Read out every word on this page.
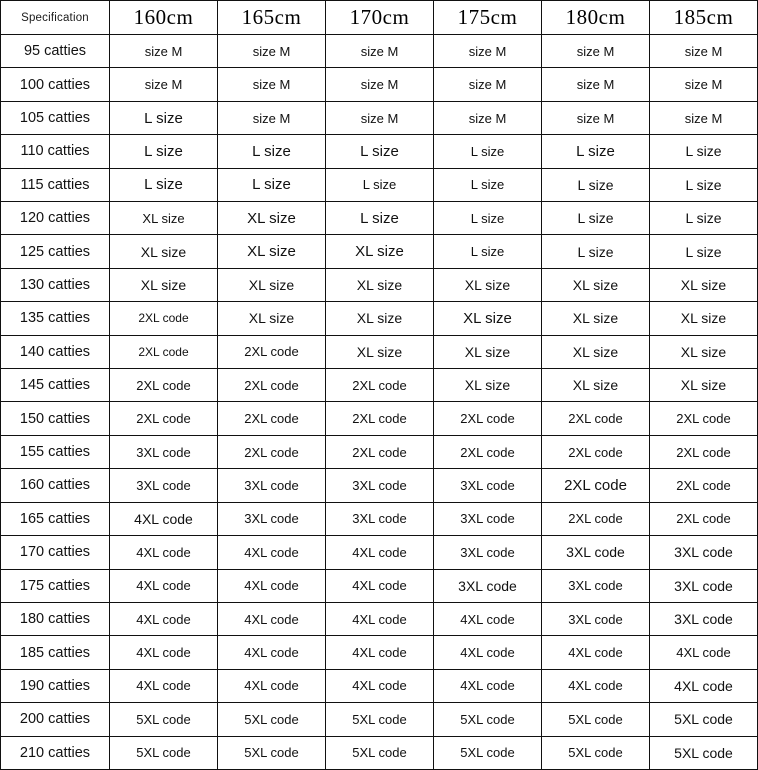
Specification	160cm	165cm	170cm	175cm	180cm	185cm
95 catties	size M	size M	size M	size M	size M	size M
100 catties	size M	size M	size M	size M	size M	size M
105 catties	L size	size M	size M	size M	size M	size M
110 catties	L size	L size	L size	L size	L size	L size
115 catties	L size	L size	L size	L size	L size	L size
120 catties	XL size	XL size	L size	L size	L size	L size
125 catties	XL size	XL size	XL size	L size	L size	L size
130 catties	XL size	XL size	XL size	XL size	XL size	XL size
135 catties	2XL code	XL size	XL size	XL size	XL size	XL size
140 catties	2XL code	2XL code	XL size	XL size	XL size	XL size
145 catties	2XL code	2XL code	2XL code	XL size	XL size	XL size
150 catties	2XL code	2XL code	2XL code	2XL code	2XL code	2XL code
155 catties	3XL code	2XL code	2XL code	2XL code	2XL code	2XL code
160 catties	3XL code	3XL code	3XL code	3XL code	2XL code	2XL code
165 catties	4XL code	3XL code	3XL code	3XL code	2XL code	2XL code
170 catties	4XL code	4XL code	4XL code	3XL code	3XL code	3XL code
175 catties	4XL code	4XL code	4XL code	3XL code	3XL code	3XL code
180 catties	4XL code	4XL code	4XL code	4XL code	3XL code	3XL code
185 catties	4XL code	4XL code	4XL code	4XL code	4XL code	4XL code
190 catties	4XL code	4XL code	4XL code	4XL code	4XL code	4XL code
200 catties	5XL code	5XL code	5XL code	5XL code	5XL code	5XL code
210 catties	5XL code	5XL code	5XL code	5XL code	5XL code	5XL code
